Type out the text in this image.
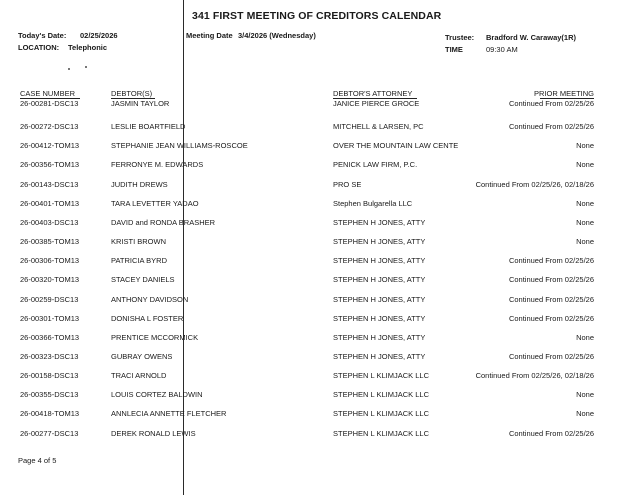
341 FIRST MEETING OF CREDITORS CALENDAR
Today's Date: 02/25/2026
LOCATION: Telephonic
Meeting Date 3/4/2026 (Wednesday)	Trustee: Bradford W. Caraway(1R)
TIME	09:30 AM
CASE NUMBER	DEBTOR(S)	DEBTOR'S ATTORNEY	PRIOR MEETING
26-00281-DSC13	JASMIN TAYLOR	JANICE PIERCE GROCE	Continued From 02/25/26
26-00272-DSC13	LESLIE BOARTFIELD	MITCHELL & LARSEN, PC	Continued From 02/25/26
26-00412-TOM13	STEPHANIE JEAN WILLIAMS-ROSCOE	OVER THE MOUNTAIN LAW CENTE	None
26-00356-TOM13	FERRONYE M. EDWARDS	PENICK LAW FIRM, P.C.	None
26-00143-DSC13	JUDITH DREWS	PRO SE	Continued From 02/25/26, 02/18/26
26-00401-TOM13	TARA LEVETTER YADAO	Stephen Bulgarella LLC	None
26-00403-DSC13	DAVID and RONDA BRASHER	STEPHEN H JONES, ATTY	None
26-00385-TOM13	KRISTI BROWN	STEPHEN H JONES, ATTY	None
26-00306-TOM13	PATRICIA BYRD	STEPHEN H JONES, ATTY	Continued From 02/25/26
26-00320-TOM13	STACEY DANIELS	STEPHEN H JONES, ATTY	Continued From 02/25/26
26-00259-DSC13	ANTHONY DAVIDSON	STEPHEN H JONES, ATTY	Continued From 02/25/26
26-00301-TOM13	DONISHA L FOSTER	STEPHEN H JONES, ATTY	Continued From 02/25/26
26-00366-TOM13	PRENTICE MCCORMICK	STEPHEN H JONES, ATTY	None
26-00323-DSC13	GUBRAY OWENS	STEPHEN H JONES, ATTY	Continued From 02/25/26
26-00158-DSC13	TRACI ARNOLD	STEPHEN L KLIMJACK LLC	Continued From 02/25/26, 02/18/26
26-00355-DSC13	LOUIS CORTEZ BALDWIN	STEPHEN L KLIMJACK LLC	None
26-00418-TOM13	ANNLECIA ANNETTE FLETCHER	STEPHEN L KLIMJACK LLC	None
26-00277-DSC13	DEREK RONALD LEWIS	STEPHEN L KLIMJACK LLC	Continued From 02/25/26
Page 4 of 5
